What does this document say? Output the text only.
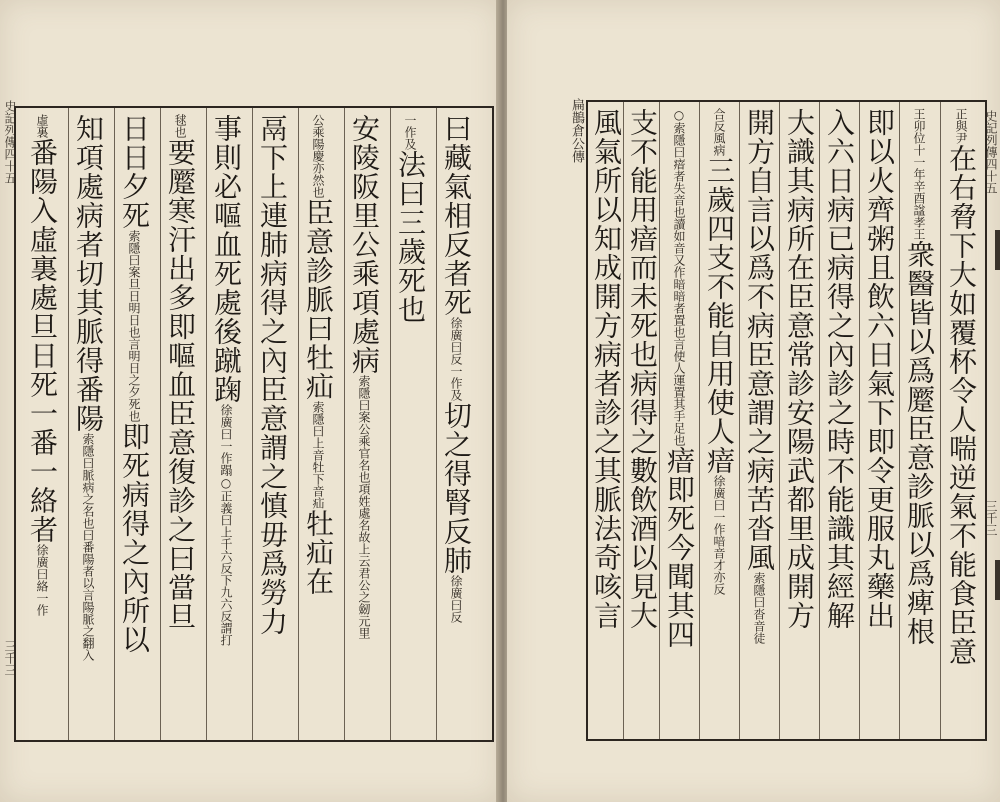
史記列傳四十五
三千三
曰藏氣相反者死徐廣曰反一作及切之得腎反肺徐廣曰反
一作及法曰三歲死也
安陵阪里公乘項處病索隱曰案公乘官名也項姓處名故上云君公之劒元里
公乘陽慶亦然也臣意診脈曰牡疝索隱曰上音牡下音疝牡疝在
鬲下上連肺病得之內臣意謂之慎毋爲勞力
事則必嘔血死處後蹴踘徐廣曰一作蹋○正義曰上千六反下九六反謂打
毬也要蹷寒汗出多即嘔血臣意復診之曰當旦
日日夕死索隱曰案旦日明日也言明日之夕死也即死病得之內所以
知項處病者切其脈得番陽索隱曰脈病之名也曰番陽者以言陽脈之翻入
虛裏番陽入虛裏處旦日死一番一絡者徐廣曰絡一作
扁鵲倉公傳	史記列傳四十五
三千三
正與尹在右脅下大如覆杯令人喘逆氣不能食臣意
王卯位十一年辛酉諡孝王衆醫皆以爲蹷臣意診脈以爲痺根
即以火齊粥且飲六日氣下即令更服丸藥出
入六日病已病得之內診之時不能識其經解
大識其病所在臣意常診安陽武都里成開方
開方自言以爲不病臣意謂之病苦沓風索隱曰沓音徒
合反風病三歲四支不能自用使人瘖徐廣曰一作喑音才亦反
○索隱曰瘖者失音也讀如音又作暗暗者置也言使人運置其手足也瘖即死今聞其四
支不能用瘖而未死也病得之數飲酒以見大
風氣所以知成開方病者診之其脈法奇咳言
